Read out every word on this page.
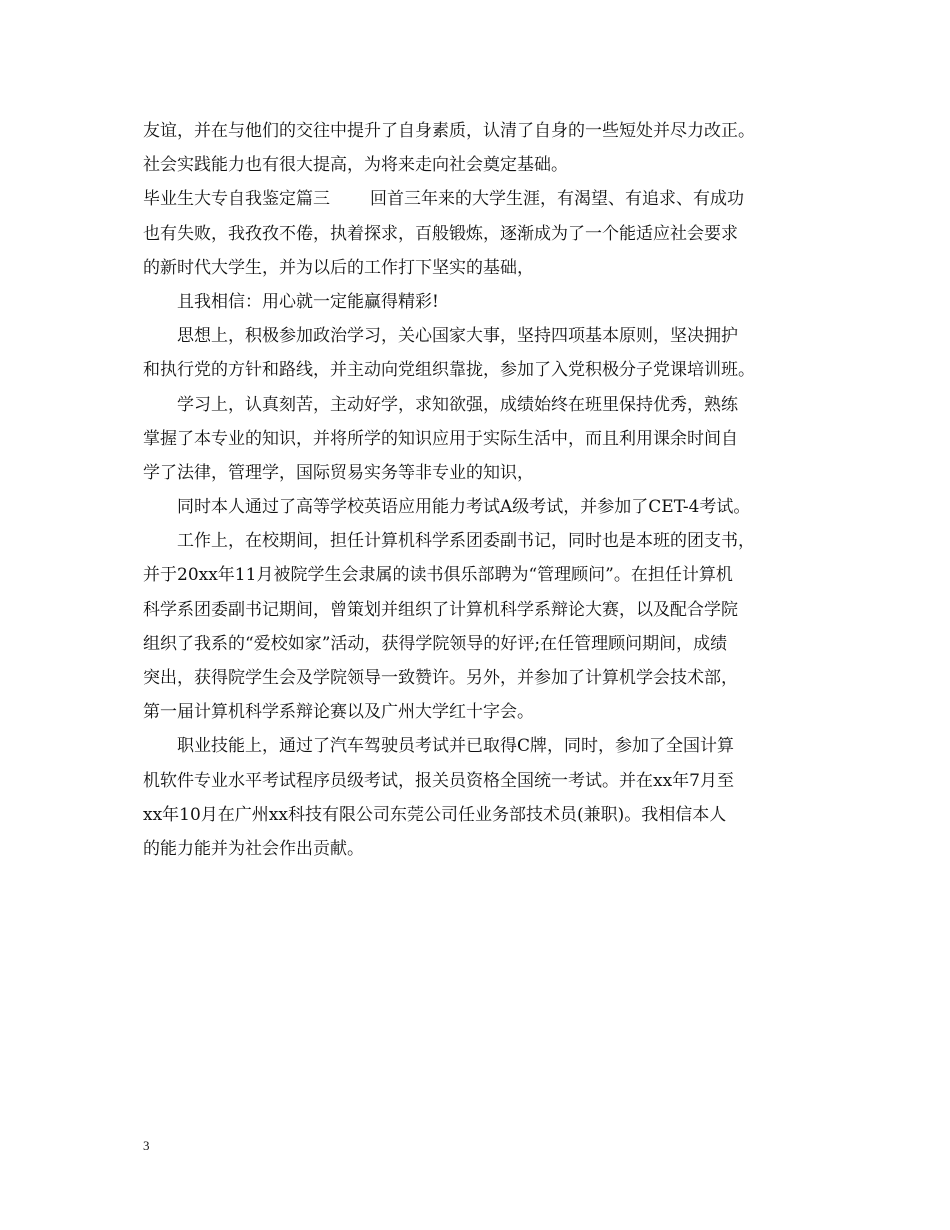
友谊，并在与他们的交往中提升了自身素质，认清了自身的一些短处并尽力改正。
社会实践能力也有很大提高，为将来走向社会奠定基础。
毕业生大专自我鉴定篇三 回首三年来的大学生涯，有渴望、有追求、有成功
也有失败，我孜孜不倦，执着探求，百般锻炼，逐渐成为了一个能适应社会要求
的新时代大学生，并为以后的工作打下坚实的基础，
且我相信：用心就一定能赢得精彩!
思想上，积极参加政治学习，关心国家大事，坚持四项基本原则，坚决拥护
和执行党的方针和路线，并主动向党组织靠拢，参加了入党积极分子党课培训班。
学习上，认真刻苦，主动好学，求知欲强，成绩始终在班里保持优秀，熟练
掌握了本专业的知识，并将所学的知识应用于实际生活中，而且利用课余时间自
学了法律，管理学，国际贸易实务等非专业的知识，
同时本人通过了高等学校英语应用能力考试A级考试，并参加了CET-4考试。
工作上，在校期间，担任计算机科学系团委副书记，同时也是本班的团支书，
并于20xx年11月被院学生会隶属的读书俱乐部聘为“管理顾问”。在担任计算机
科学系团委副书记期间，曾策划并组织了计算机科学系辩论大赛，以及配合学院
组织了我系的“爱校如家”活动，获得学院领导的好评;在任管理顾问期间，成绩
突出，获得院学生会及学院领导一致赞许。另外，并参加了计算机学会技术部，
第一届计算机科学系辩论赛以及广州大学红十字会。
职业技能上，通过了汽车驾驶员考试并已取得C牌，同时，参加了全国计算
机软件专业水平考试程序员级考试，报关员资格全国统一考试。并在xx年7月至
xx年10月在广州xx科技有限公司东莞公司任业务部技术员(兼职)。我相信本人
的能力能并为社会作出贡献。
3
